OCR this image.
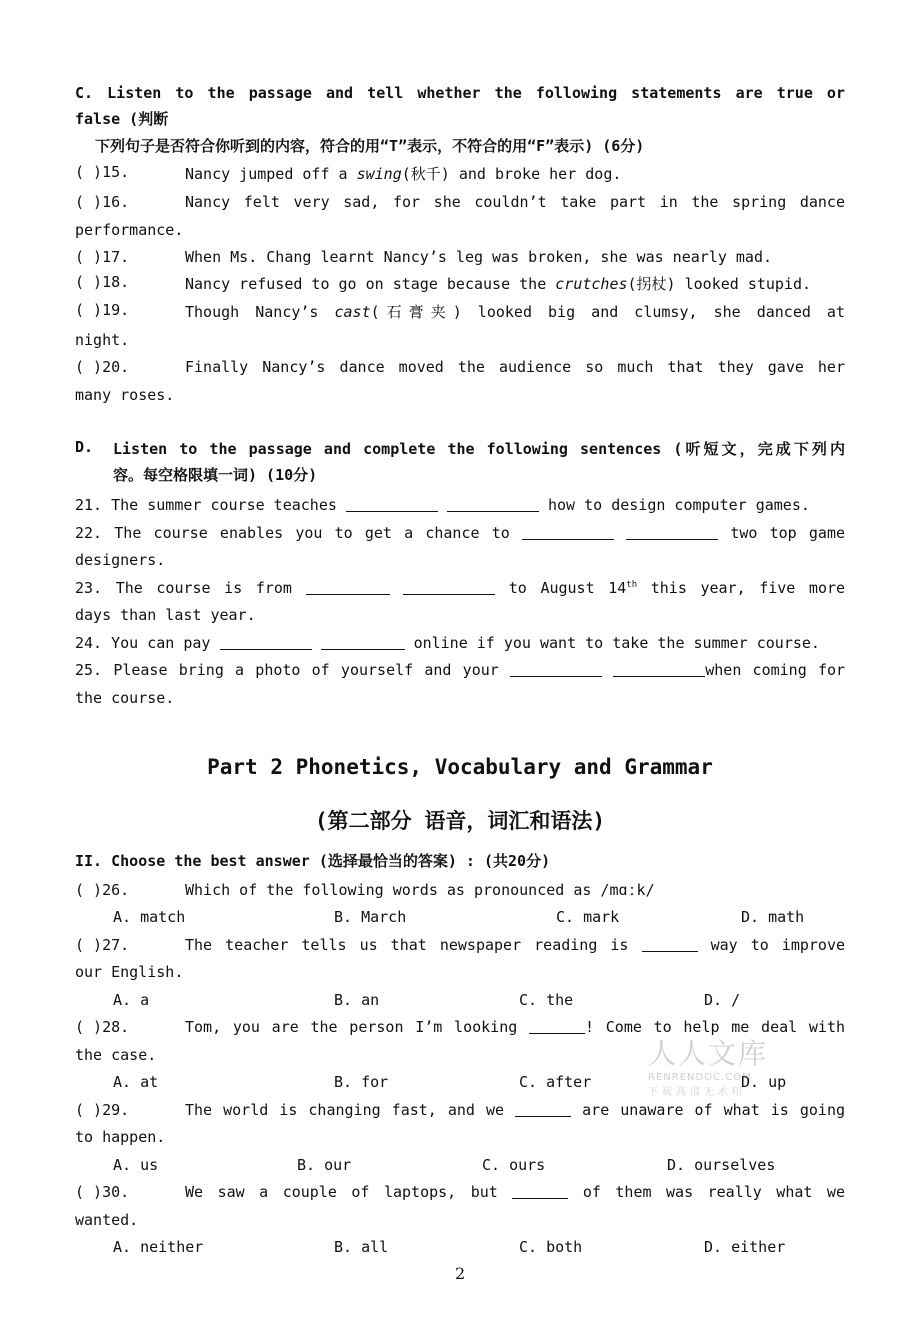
C. Listen to the passage and tell whether the following statements are true or
false (判断
下列句子是否符合你听到的内容，符合的用“T”表示，不符合的用“F”表示) (6分)
( )15.	Nancy jumped off a swing(秋千) and broke her dog.
( )16.	Nancy felt very sad, for she couldn’t take part in the spring dance
performance.
( )17.	When Ms. Chang learnt Nancy’s leg was broken, she was nearly mad.
( )18.	Nancy refused to go on stage because the crutches(拐杖) looked stupid.
( )19.	Though Nancy’s cast(石膏夹) looked big and clumsy, she danced at
night.
( )20.	Finally Nancy’s dance moved the audience so much that they gave her
many roses.
D. Listen to the passage and complete the following sentences (听短文，完成下列内
容。每空格限填一词) (10分)
21. The summer course teaches	how to design computer games.
22. The course enables you to get a chance to	two top game
designers.
23. The course is from	to August 14th this year, five more
days than last year.
24. You can pay	online if you want to take the summer course.
25. Please bring a photo of yourself and your	when coming for
the course.
Part 2 Phonetics, Vocabulary and Grammar
(第二部分 语音，词汇和语法)
II. Choose the best answer (选择最恰当的答案) : (共20分)
( )26.	Which of the following words as pronounced as /mɑːk/
A. match	B. March	C. mark	D. math
( )27.	The teacher tells us that newspaper reading is	way to improve
our English.
A. a	B. an	C. the	D. /
( )28.	Tom, you are the person I’m looking	! Come to help me deal with
the case.
A. at	B. for	C. after	D. up
( )29.	The world is changing fast, and we	are unaware of what is going
to happen.
A. us	B. our	C. ours	D. ourselves
( )30.	We saw a couple of laptops, but	of them was really what we
wanted.
A. neither	B. all	C. both	D. either
人人文库
RENRENDOC.COM
下载高清无水印
2
